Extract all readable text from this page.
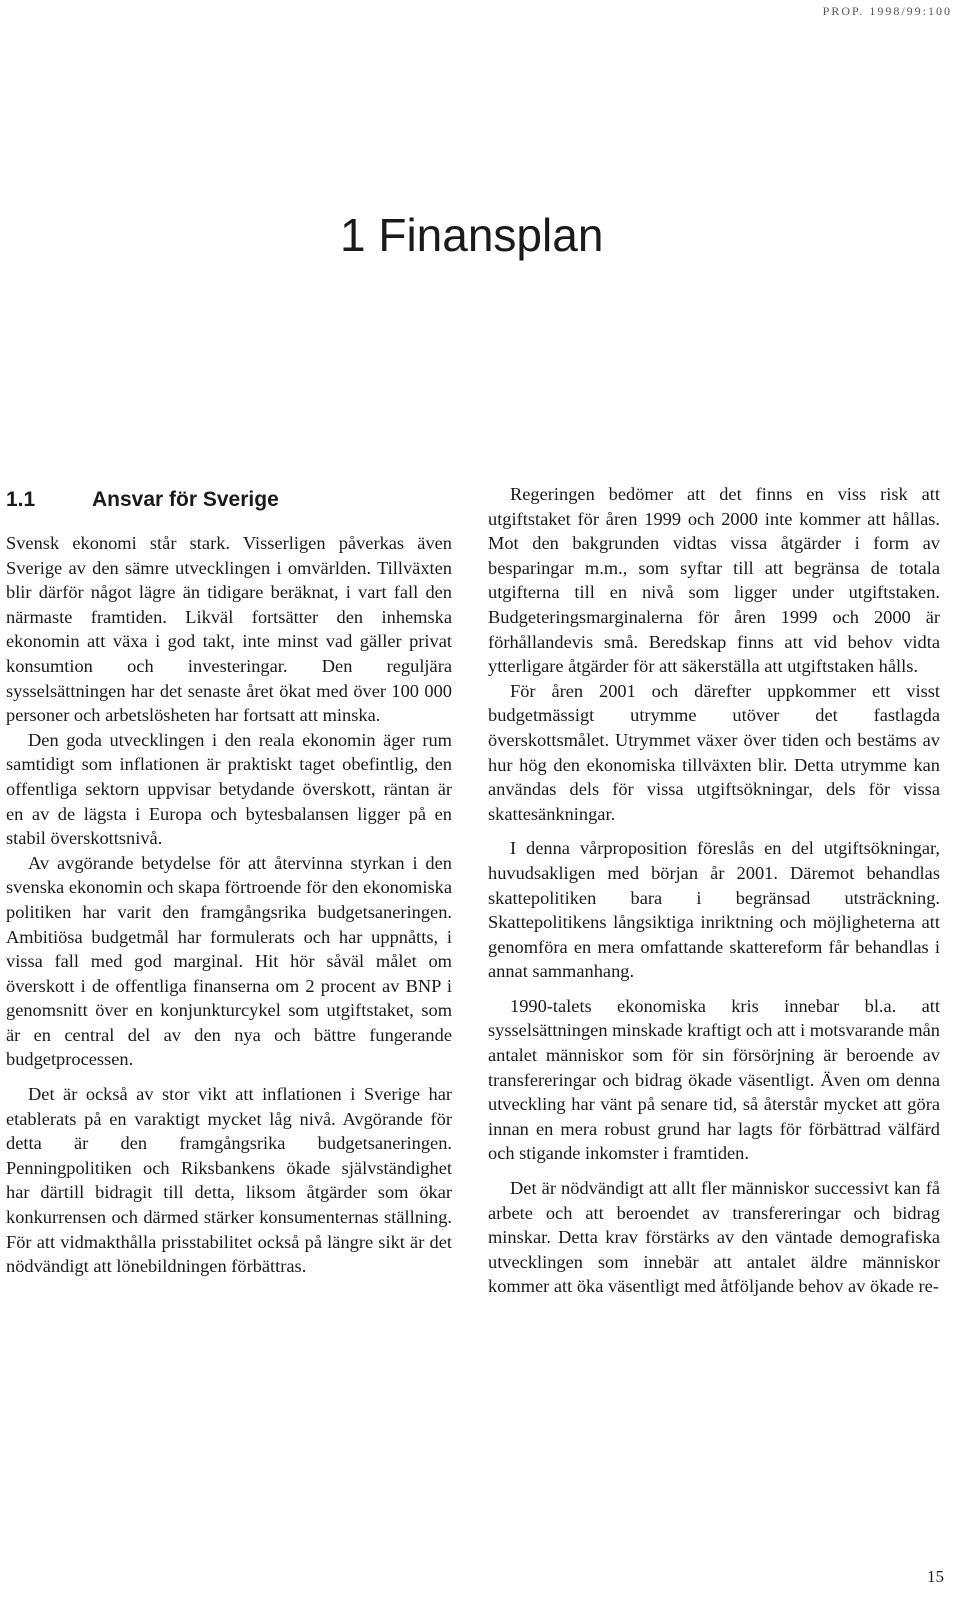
PROP. 1998/99:100
1 Finansplan
1.1	Ansvar för Sverige

Svensk ekonomi står stark. Visserligen påverkas även Sverige av den sämre utvecklingen i omvärlden. Tillväxten blir därför något lägre än tidigare beräknat, i vart fall den närmaste framtiden. Likväl fortsätter den inhemska ekonomin att växa i god takt, inte minst vad gäller privat konsumtion och investeringar. Den reguljära sysselsättningen har det senaste året ökat med över 100 000 personer och arbetslösheten har fortsatt att minska.

Den goda utvecklingen i den reala ekonomin äger rum samtidigt som inflationen är praktiskt taget obefintlig, den offentliga sektorn uppvisar betydande överskott, räntan är en av de lägsta i Europa och bytesbalansen ligger på en stabil överskottsnivå.

Av avgörande betydelse för att återvinna styrkan i den svenska ekonomin och skapa förtroende för den ekonomiska politiken har varit den framgångsrika budgetsaneringen. Ambitiösa budgetmål har formulerats och har uppnåtts, i vissa fall med god marginal. Hit hör såväl målet om överskott i de offentliga finanserna om 2 procent av BNP i genomsnitt över en konjunkturcykel som utgiftstaket, som är en central del av den nya och bättre fungerande budgetprocessen.

Det är också av stor vikt att inflationen i Sverige har etablerats på en varaktigt mycket låg nivå. Avgörande för detta är den framgångsrika budgetsaneringen. Penningpolitiken och Riksbankens ökade självständighet har därtill bidragit till detta, liksom åtgärder som ökar konkurrensen och därmed stärker konsumenternas ställning. För att vidmakthålla prisstabilitet också på längre sikt är det nödvändigt att lönebildningen förbättras.

Regeringen bedömer att det finns en viss risk att utgiftstaket för åren 1999 och 2000 inte kommer att hållas. Mot den bakgrunden vidtas vissa åtgärder i form av besparingar m.m., som syftar till att begränsa de totala utgifterna till en nivå som ligger under utgiftstaken. Budgeteringsmarginalerna för åren 1999 och 2000 är förhållandevis små. Beredskap finns att vid behov vidta ytterligare åtgärder för att säkerställa att utgiftstaken hålls.

För åren 2001 och därefter uppkommer ett visst budgetmässigt utrymme utöver det fastlagda överskottsmålet. Utrymmet växer över tiden och bestäms av hur hög den ekonomiska tillväxten blir. Detta utrymme kan användas dels för vissa utgiftsökningar, dels för vissa skattesänkningar.

I denna vårproposition föreslås en del utgiftsökningar, huvudsakligen med början år 2001. Däremot behandlas skattepolitiken bara i begränsad utsträckning. Skattepolitikens långsiktiga inriktning och möjligheterna att genomföra en mera omfattande skattereform får behandlas i annat sammanhang.

1990-talets ekonomiska kris innebar bl.a. att sysselsättningen minskade kraftigt och att i motsvarande mån antalet människor som för sin försörjning är beroende av transfereringar och bidrag ökade väsentligt. Även om denna utveckling har vänt på senare tid, så återstår mycket att göra innan en mera robust grund har lagts för förbättrad välfärd och stigande inkomster i framtiden.

Det är nödvändigt att allt fler människor successivt kan få arbete och att beroendet av transfereringar och bidrag minskar. Detta krav förstärks av den väntade demografiska utvecklingen som innebär att antalet äldre människor kommer att öka väsentligt med åtföljande behov av ökade re-

15
